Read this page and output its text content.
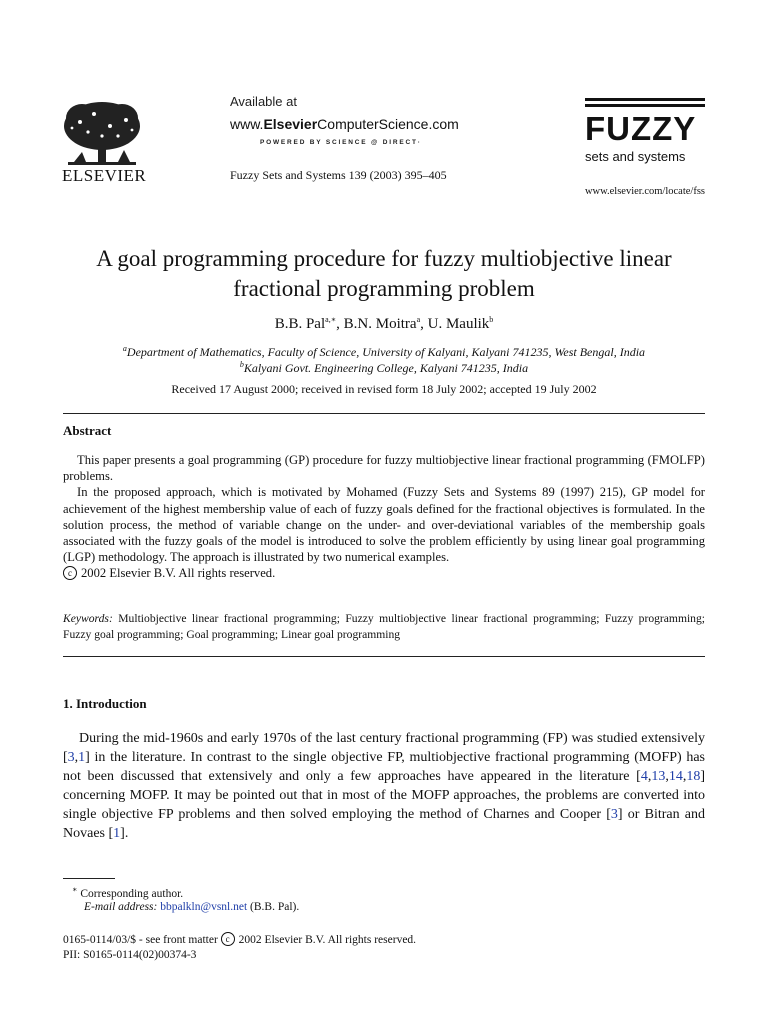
ELSEVIER
Available at
www.ElsevierComputerScience.com
POWERED BY SCIENCE @ DIRECT·
Fuzzy Sets and Systems 139 (2003) 395–405
FUZZY
sets and systems
www.elsevier.com/locate/fss
A goal programming procedure for fuzzy multiobjective linear
fractional programming problem
B.B. Pal$^{a,∗}$, B.N. Moitra$^a$, U. Maulik$^b$
$^a$Department of Mathematics, Faculty of Science, University of Kalyani, Kalyani 741235, West Bengal, India
$^b$Kalyani Govt. Engineering College, Kalyani 741235, India
Received 17 August 2000; received in revised form 18 July 2002; accepted 19 July 2002
Abstract

This paper presents a goal programming (GP) procedure for fuzzy multiobjective linear fractional programming (FMOLFP) problems.

In the proposed approach, which is motivated by Mohamed (Fuzzy Sets and Systems 89 (1997) 215), GP model for achievement of the highest membership value of each of fuzzy goals defined for the fractional objectives is formulated. In the solution process, the method of variable change on the under- and over-deviational variables of the membership goals associated with the fuzzy goals of the model is introduced to solve the problem efficiently by using linear goal programming (LGP) methodology. The approach is illustrated by two numerical examples.

c 2002 Elsevier B.V. All rights reserved.

Keywords: Multiobjective linear fractional programming; Fuzzy multiobjective linear fractional programming; Fuzzy programming; Fuzzy goal programming; Goal programming; Linear goal programming
1. Introduction

During the mid-1960s and early 1970s of the last century fractional programming (FP) was studied extensively [3,1] in the literature. In contrast to the single objective FP, multiobjective fractional programming (MOFP) has not been discussed that extensively and only a few approaches have appeared in the literature [4,13,14,18] concerning MOFP. It may be pointed out that in most of the MOFP approaches, the problems are converted into single objective FP problems and then solved employing the method of Charnes and Cooper [3] or Bitran and Novaes [1].

∗ Corresponding author.
E-mail address: bbpalkln@vsnl.net (B.B. Pal).
0165-0114/03/$ - see front matter c 2002 Elsevier B.V. All rights reserved.
PII: S0165-0114(02)00374-3
